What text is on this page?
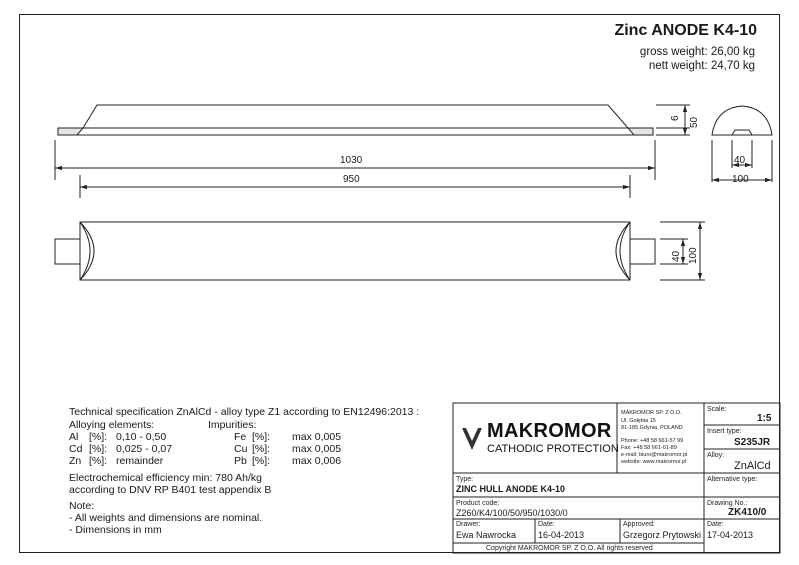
Zinc ANODE K4-10
gross weight: 26,00 kg
nett weight: 24,70 kg
1030
950
6 50
40
100
40 100
Technical specification ZnAlCd - alloy type Z1 according to EN12496:2013 :
Alloying elements:	Impurities:
Al [%]: 0,10 - 0,50	Fe [%]: max 0,005
Cd [%]: 0,025 - 0,07	Cu [%]: max 0,005
Zn [%]: remainder	Pb [%]: max 0,006
Electrochemical efficiency min: 780 Ah/kg
according to DNV RP B401 test appendix B
Note:
- All weights and dimensions are nominal.
- Dimensions in mm
MAKROMOR
CATHODIC PROTECTION
MAKROMOR SP. Z O.O.
Ul. Gołębia 15
81-185 Gdynia, POLAND
Phone: +48 58 661-57 99
Fax: +48 58 661-01-89
e-mail: biuro@makromor.pl
website: www.makromor.pl
Scale:
1:5
Insert type:
S235JR
Alloy:
ZnAlCd
Alternative type:
Type:
ZINC HULL ANODE K4-10
Product code:
Z260/K4/100/50/950/1030/0
Drawing No.:
ZK410/0
Drawer:
Ewa Nawrocka
Date:
16-04-2013
Approved:
Grzegorz Prytowski
Date:
17-04-2013
Copyright MAKROMOR SP. Z O.O. All rights reserved
